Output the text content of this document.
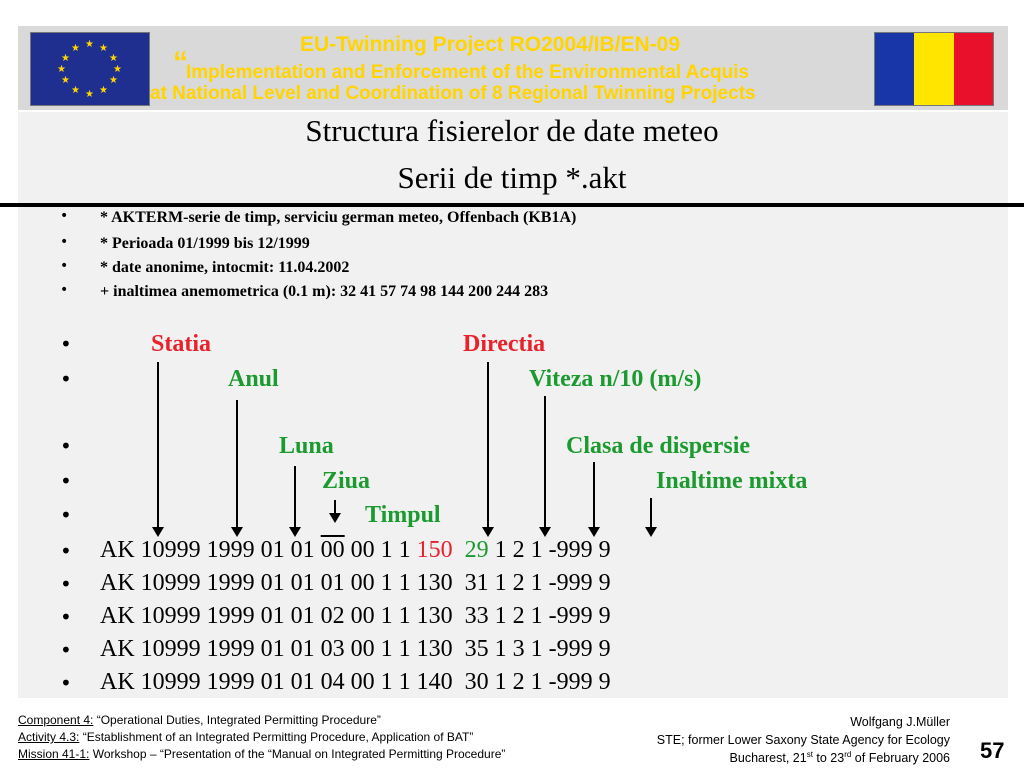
★ ★
★
★
★
★
★
★
★
★
★
★	EU-Twinning Project RO2004/IB/EN-09
“
Implementation and Enforcement of the Environmental Acquis
at National Level and Coordination of 8 Regional Twinning Projects
Structura fisierelor de date meteo
Serii de timp *.akt
• * AKTERM-serie de timp, serviciu german meteo, Offenbach (KB1A)
• * Perioada 01/1999 bis 12/1999
• * date anonime, intocmit: 11.04.2002
• + inaltimea anemometrica (0.1 m): 32 41 57 74 98 144 200 244 283
•	Statia	Directia
•	Anul	Viteza n/10 (m/s)
•	Luna	Clasa de dispersie
•	Ziua	Inaltime mixta
•	Timpul
• AK 10999 1999 01 01 00 00 1 1 150 29 1 2 1 -999 9
• AK 10999 1999 01 01 01 00 1 1 130  31 1 2 1 -999 9
• AK 10999 1999 01 01 02 00 1 1 130  33 1 2 1 -999 9
• AK 10999 1999 01 01 03 00 1 1 130  35 1 3 1 -999 9
• AK 10999 1999 01 01 04 00 1 1 140  30 1 2 1 -999 9
Component 4: “Operational Duties, Integrated Permitting Procedure”
Activity 4.3: “Establishment of an Integrated Permitting Procedure, Application of BAT”
Mission 41-1: Workshop – “Presentation of the “Manual on Integrated Permitting Procedure”
Wolfgang J.Müller
STE; former Lower Saxony State Agency for Ecology
Bucharest, 21st to 23rd of February 2006 57
